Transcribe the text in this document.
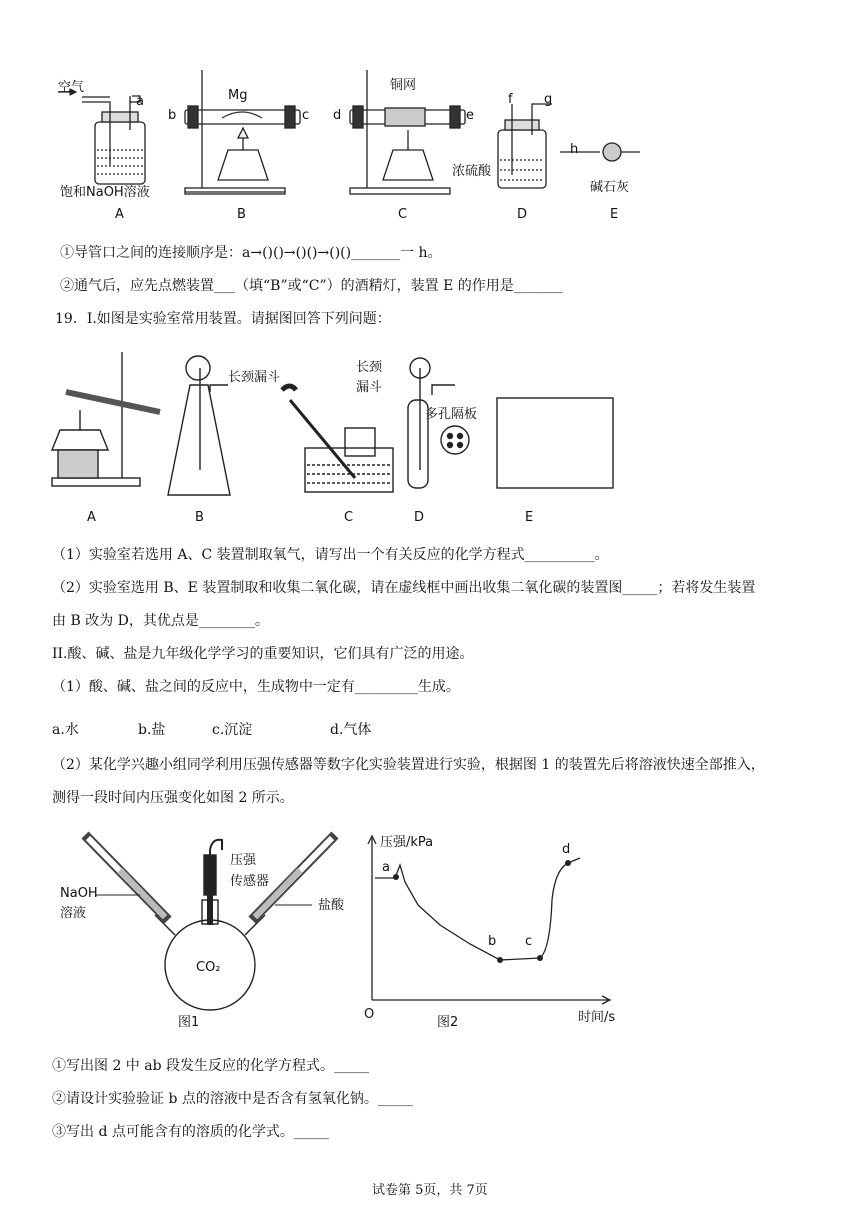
空气
a
饱和NaOH溶液
A
b
Mg
c
B
d
铜网
e
C
f g
浓硫酸
D
h
碱石灰
E
①导管口之间的连接顺序是：a→()()→()()→()()_______一 h。
②通气后，应先点燃装置___（填“B”或“C”）的酒精灯，装置 E 的作用是_______
19．I.如图是实验室常用装置。请据图回答下列问题：
长颈漏斗
长颈
漏斗
多孔隔板
A	B	C	D	E
（1）实验室若选用 A、C 装置制取氧气，请写出一个有关反应的化学方程式__________。
（2）实验室选用 B、E 装置制取和收集二氧化碳，请在虚线框中画出收集二氧化碳的装置图_____；若将发生装置
由 B 改为 D，其优点是________。
II.酸、碱、盐是九年级化学学习的重要知识，它们具有广泛的用途。
（1）酸、碱、盐之间的反应中，生成物中一定有_________生成。
a.水	b.盐	c.沉淀	d.气体
（2）某化学兴趣小组同学利用压强传感器等数字化实验装置进行实验，根据图 1 的装置先后将溶液快速全部推入，
测得一段时间内压强变化如图 2 所示。
压强
传感器
NaOH
溶液
盐酸
CO₂
图1
压强/kPa
a
b c
d
O
图2	时间/s
①写出图 2 中 ab 段发生反应的化学方程式。_____
②请设计实验验证 b 点的溶液中是否含有氢氧化钠。_____
③写出 d 点可能含有的溶质的化学式。_____
试卷第 5页，共 7页
